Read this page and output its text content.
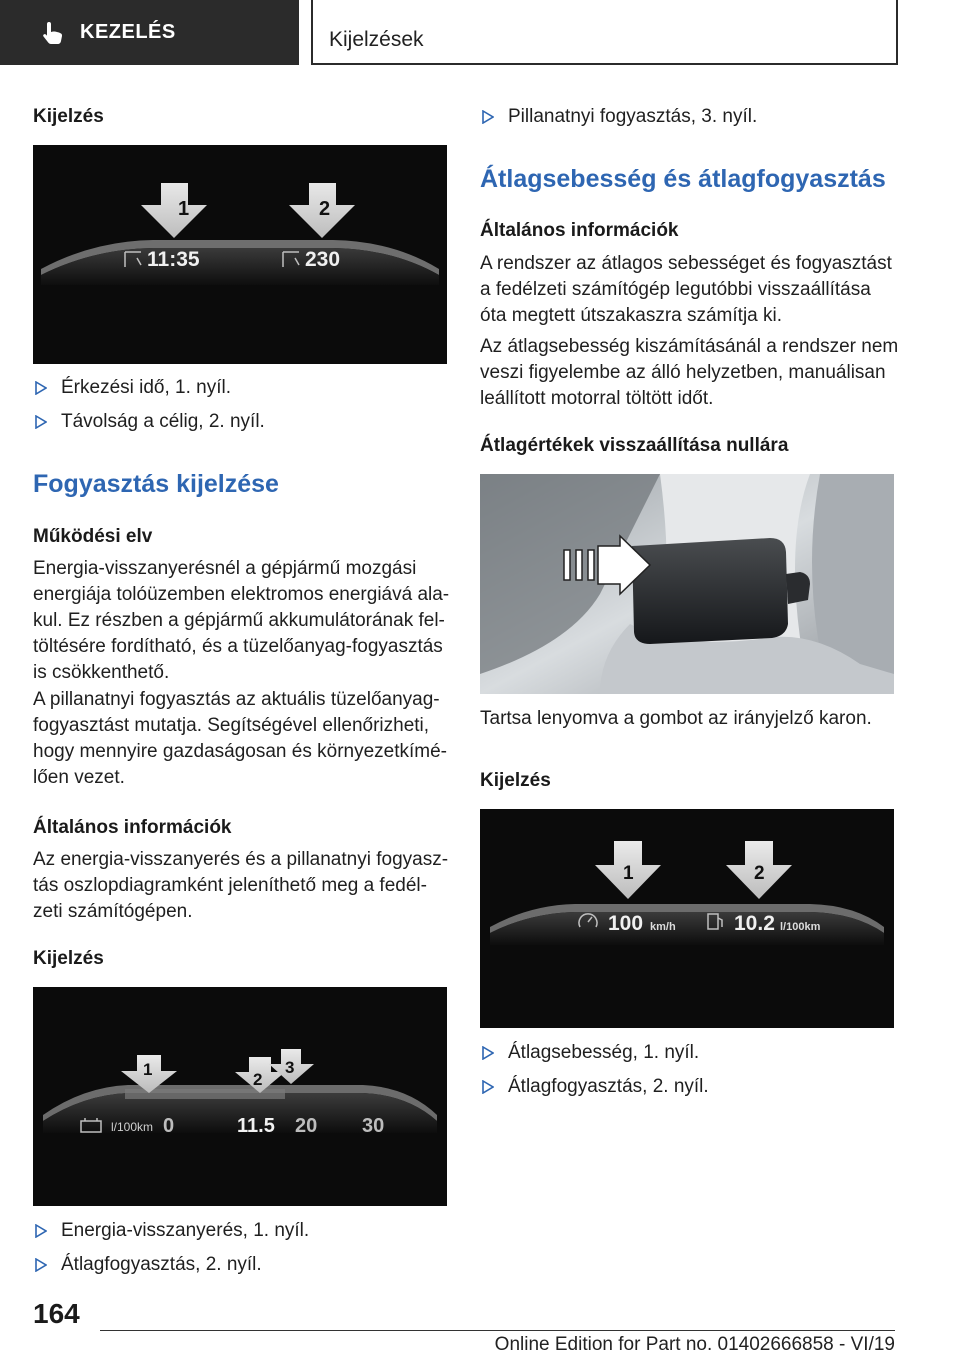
KEZELÉS	Kijelzések
Kijelzés
1	2
11:35	230
Érkezési idő, 1. nyíl.
Távolság a célig, 2. nyíl.
Fogyasztás kijelzése
Működési elv
Energia-visszanyerésnél a gépjármű mozgási
energiája tolóüzemben elektromos energiává ala‐
kul. Ez részben a gépjármű akkumulátorának fel‐
töltésére fordítható, és a tüzelőanyag-fogyasztás
is csökkenthető.
A pillanatnyi fogyasztás az aktuális tüzelőanyag-
fogyasztást mutatja. Segítségével ellenőrizheti,
hogy mennyire gazdaságosan és környezetkímé‐
lően vezet.
Általános információk
Az energia-visszanyerés és a pillanatnyi fogyasz‐
tás oszlopdiagramként jeleníthető meg a fedél‐
zeti számítógépen.
Kijelzés
1
2
3
l/100km 0	11.5 20 30
Energia-visszanyerés, 1. nyíl.
Átlagfogyasztás, 2. nyíl.
Pillanatnyi fogyasztás, 3. nyíl.
Átlagsebesség és átlagfogyasztás
Általános információk
A rendszer az átlagos sebességet és fogyasztást
a fedélzeti számítógép legutóbbi visszaállítása
óta megtett útszakaszra számítja ki.
Az átlagsebesség kiszámításánál a rendszer nem
veszi figyelembe az álló helyzetben, manuálisan
leállított motorral töltött időt.
Átlagértékek visszaállítása nullára
Tartsa lenyomva a gombot az irányjelző karon.
Kijelzés
1	2
100 km/h	10.2 l/100km
Átlagsebesség, 1. nyíl.
Átlagfogyasztás, 2. nyíl.
164
Online Edition for Part no. 01402666858 - VI/19
